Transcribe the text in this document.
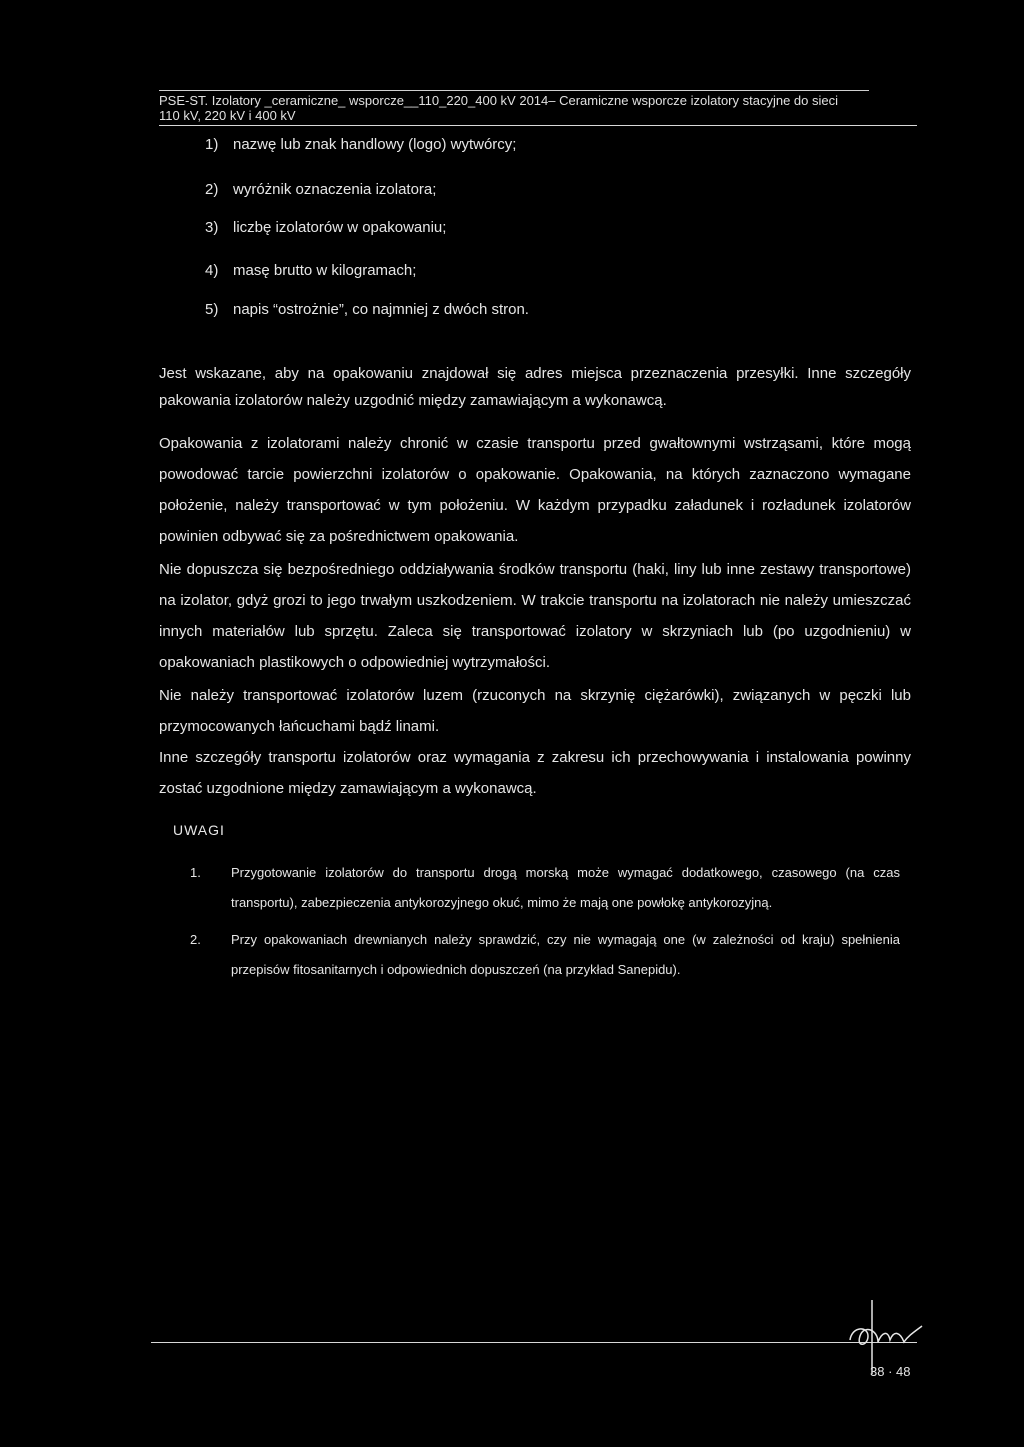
PSE-ST. Izolatory _ceramiczne_ wsporcze__110_220_400 kV 2014– Ceramiczne wsporcze izolatory stacyjne do sieci
110 kV, 220 kV i 400 kV
1) nazwę lub znak handlowy (logo) wytwórcy;
2) wyróżnik oznaczenia izolatora;
3) liczbę izolatorów w opakowaniu;
4) masę brutto w kilogramach;
5) napis “ostrożnie”, co najmniej z dwóch stron.
Jest wskazane, aby na opakowaniu znajdował się adres miejsca przeznaczenia przesyłki. Inne szczegóły pakowania izolatorów należy uzgodnić między zamawiającym a wykonawcą.
Opakowania z izolatorami należy chronić w czasie transportu przed gwałtownymi wstrząsami, które mogą powodować tarcie powierzchni izolatorów o opakowanie. Opakowania, na których zaznaczono wymagane położenie, należy transportować w tym położeniu. W każdym przypadku załadunek i rozładunek izolatorów powinien odbywać się za pośrednictwem opakowania.
Nie dopuszcza się bezpośredniego oddziaływania środków transportu (haki, liny lub inne zestawy transportowe) na izolator, gdyż grozi to jego trwałym uszkodzeniem. W trakcie transportu na izolatorach nie należy umieszczać innych materiałów lub sprzętu. Zaleca się transportować izolatory w skrzyniach lub (po uzgodnieniu) w opakowaniach plastikowych o odpowiedniej wytrzymałości.
Nie należy transportować izolatorów luzem (rzuconych na skrzynię ciężarówki), związanych w pęczki lub przymocowanych łańcuchami bądź linami.
Inne szczegóły transportu izolatorów oraz wymagania z zakresu ich przechowywania i instalowania powinny zostać uzgodnione między zamawiającym a wykonawcą.
UWAGI
1. Przygotowanie izolatorów do transportu drogą morską może wymagać dodatkowego, czasowego (na czas transportu), zabezpieczenia antykorozyjnego okuć, mimo że mają one powłokę antykorozyjną.
2. Przy opakowaniach drewnianych należy sprawdzić, czy nie wymagają one (w zależności od kraju) spełnienia przepisów fitosanitarnych i odpowiednich dopuszczeń (na przykład Sanepidu).
38 · 48
